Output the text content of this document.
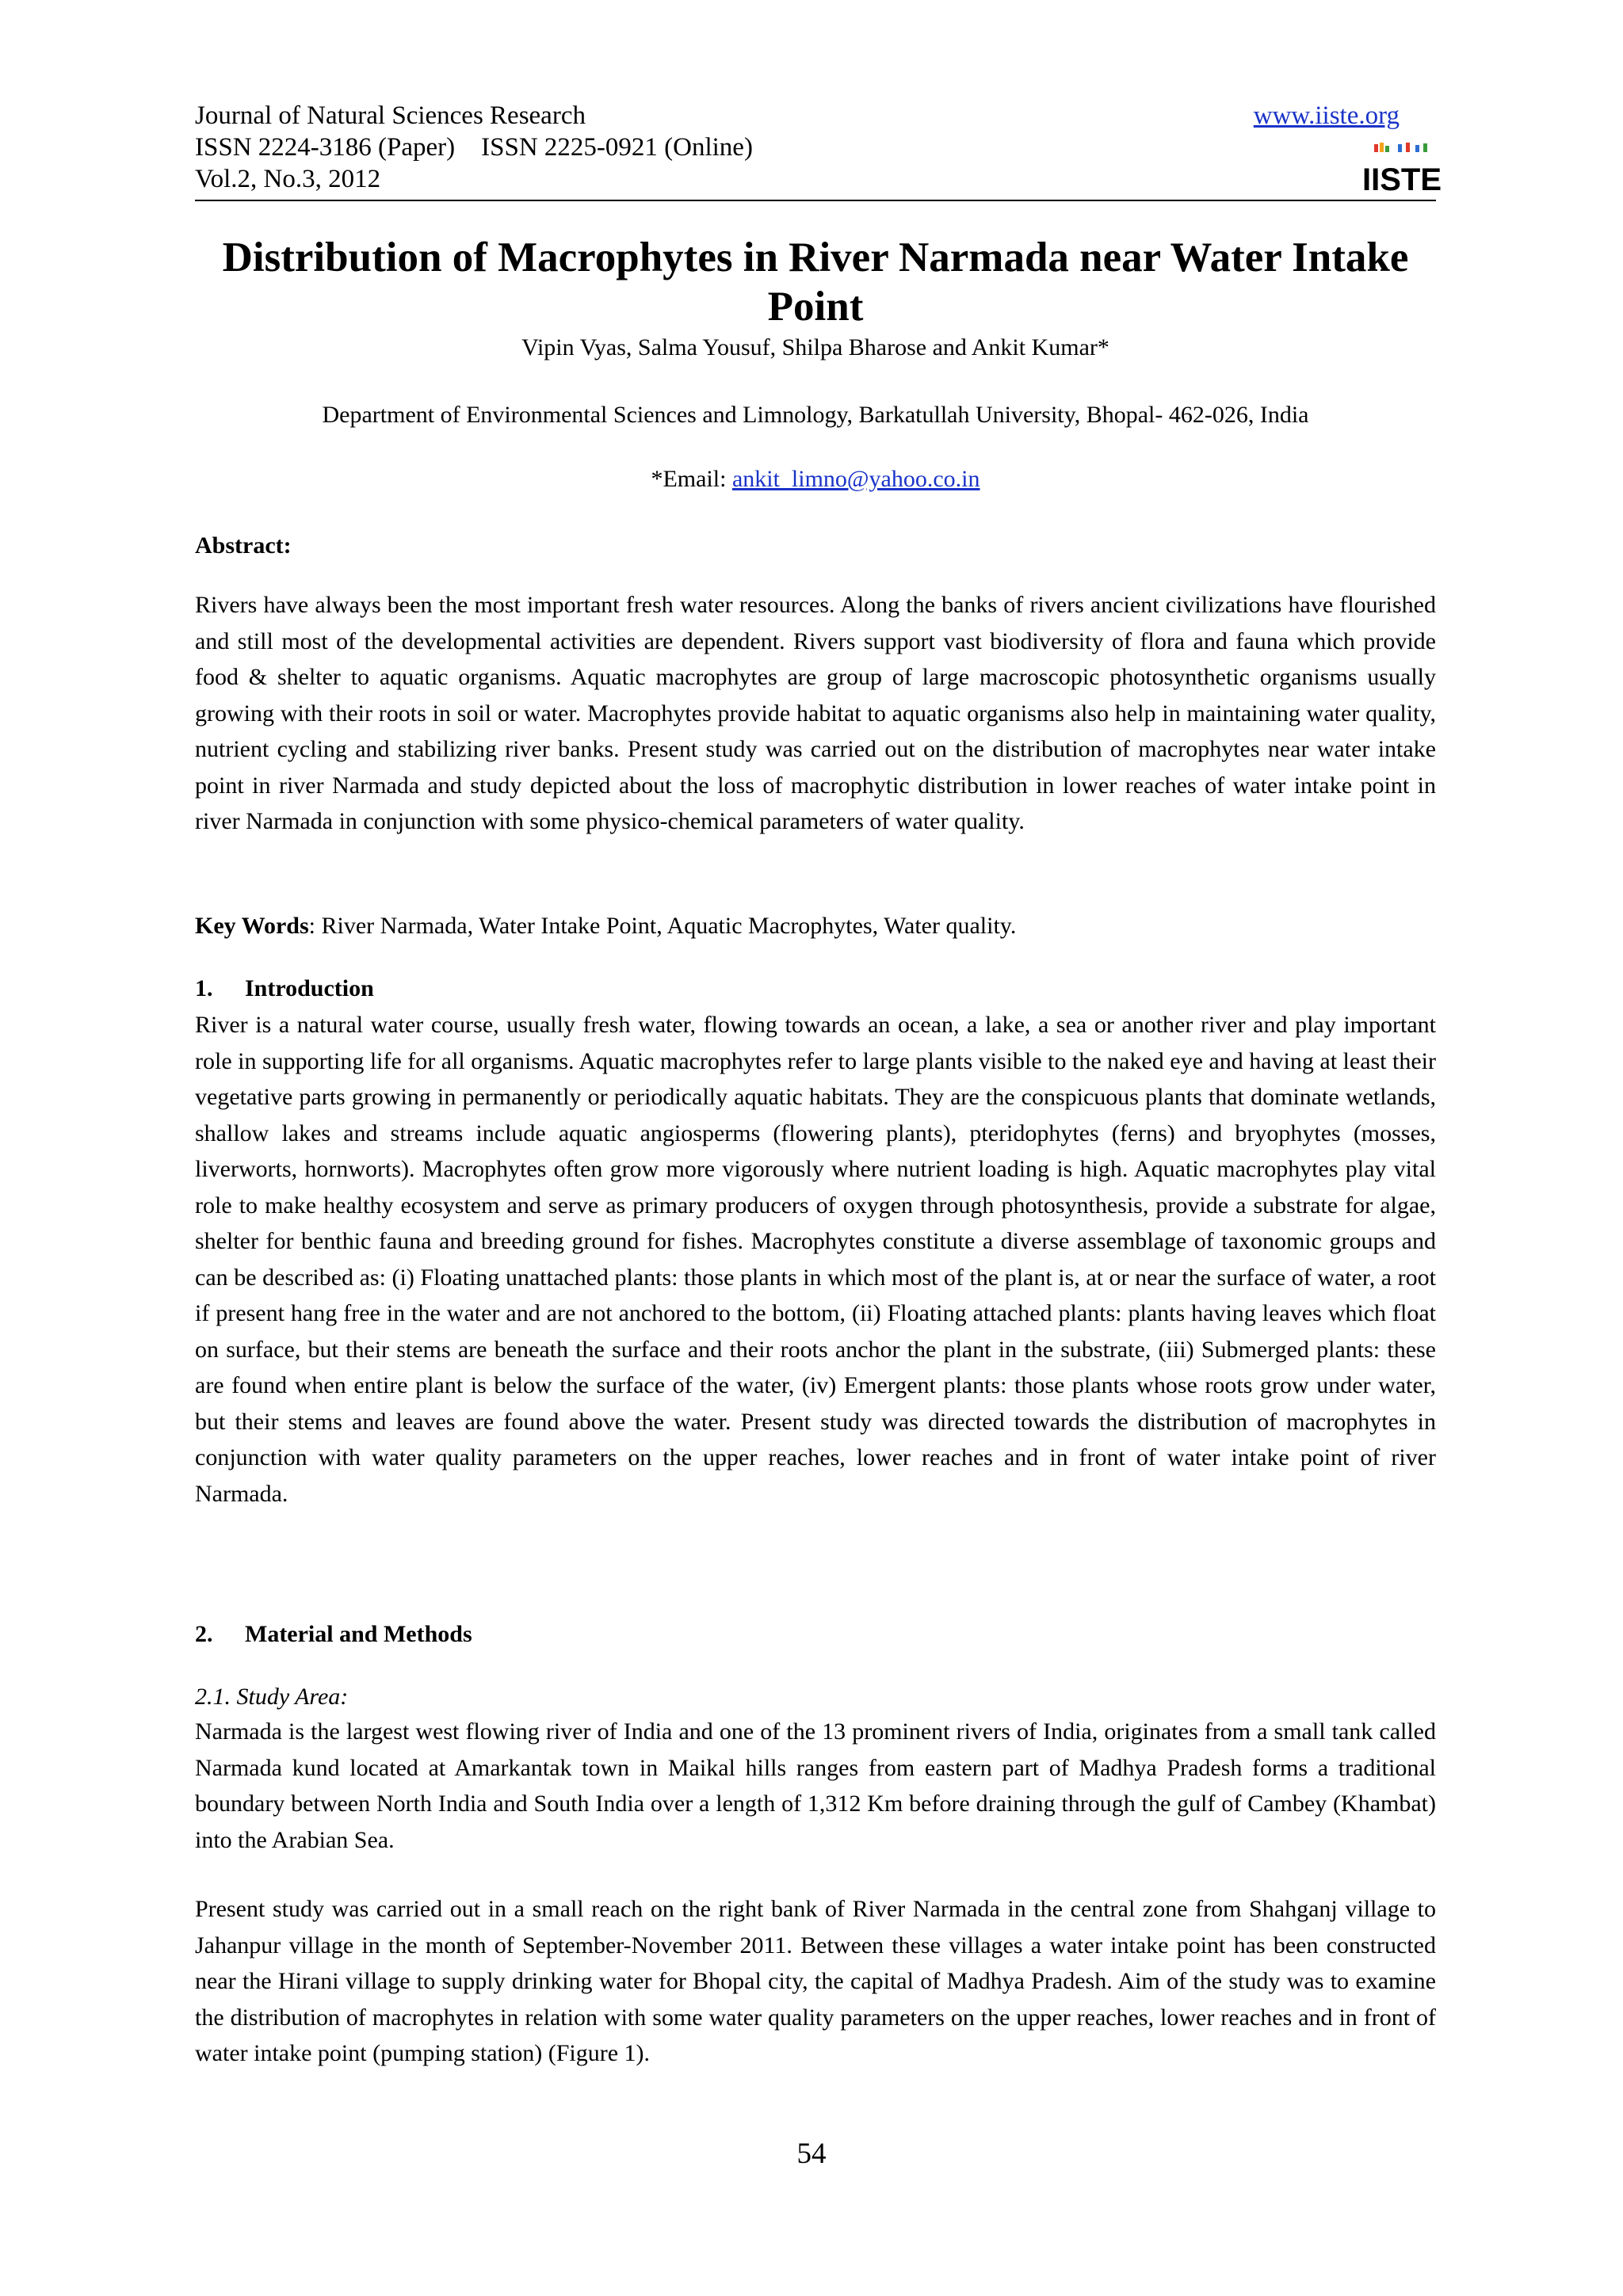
Journal of Natural Sciences Research
ISSN 2224-3186 (Paper)    ISSN 2225-0921 (Online)
Vol.2, No.3, 2012
www.iiste.org
IISTE
Distribution of Macrophytes in River Narmada near Water Intake Point
Vipin Vyas, Salma Yousuf, Shilpa Bharose and Ankit Kumar*
Department of Environmental Sciences and Limnology, Barkatullah University, Bhopal- 462-026, India
*Email: ankit_limno@yahoo.co.in
Abstract:
Rivers have always been the most important fresh water resources. Along the banks of rivers ancient civilizations have flourished and still most of the developmental activities are dependent. Rivers support vast biodiversity of flora and fauna which provide food & shelter to aquatic organisms. Aquatic macrophytes are group of large macroscopic photosynthetic organisms usually growing with their roots in soil or water. Macrophytes provide habitat to aquatic organisms also help in maintaining water quality, nutrient cycling and stabilizing river banks. Present study was carried out on the distribution of macrophytes near water intake point in river Narmada and study depicted about the loss of macrophytic distribution in lower reaches of water intake point in river Narmada in conjunction with some physico-chemical parameters of water quality.
Key Words: River Narmada, Water Intake Point, Aquatic Macrophytes, Water quality.
1. Introduction
River is a natural water course, usually fresh water, flowing towards an ocean, a lake, a sea or another river and play important role in supporting life for all organisms. Aquatic macrophytes refer to large plants visible to the naked eye and having at least their vegetative parts growing in permanently or periodically aquatic habitats. They are the conspicuous plants that dominate wetlands, shallow lakes and streams include aquatic angiosperms (flowering plants), pteridophytes (ferns) and bryophytes (mosses, liverworts, hornworts). Macrophytes often grow more vigorously where nutrient loading is high. Aquatic macrophytes play vital role to make healthy ecosystem and serve as primary producers of oxygen through photosynthesis, provide a substrate for algae, shelter for benthic fauna and breeding ground for fishes. Macrophytes constitute a diverse assemblage of taxonomic groups and can be described as: (i) Floating unattached plants: those plants in which most of the plant is, at or near the surface of water, a root if present hang free in the water and are not anchored to the bottom, (ii) Floating attached plants: plants having leaves which float on surface, but their stems are beneath the surface and their roots anchor the plant in the substrate, (iii) Submerged plants: these are found when entire plant is below the surface of the water, (iv) Emergent plants: those plants whose roots grow under water, but their stems and leaves are found above the water. Present study was directed towards the distribution of macrophytes in conjunction with water quality parameters on the upper reaches, lower reaches and in front of water intake point of river Narmada.
2. Material and Methods
2.1. Study Area:
Narmada is the largest west flowing river of India and one of the 13 prominent rivers of India, originates from a small tank called Narmada kund located at Amarkantak town in Maikal hills ranges from eastern part of Madhya Pradesh forms a traditional boundary between North India and South India over a length of 1,312 Km before draining through the gulf of Cambey (Khambat) into the Arabian Sea.
Present study was carried out in a small reach on the right bank of River Narmada in the central zone from Shahganj village to Jahanpur village in the month of September-November 2011. Between these villages a water intake point has been constructed near the Hirani village to supply drinking water for Bhopal city, the capital of Madhya Pradesh. Aim of the study was to examine the distribution of macrophytes in relation with some water quality parameters on the upper reaches, lower reaches and in front of water intake point (pumping station) (Figure 1).
54
